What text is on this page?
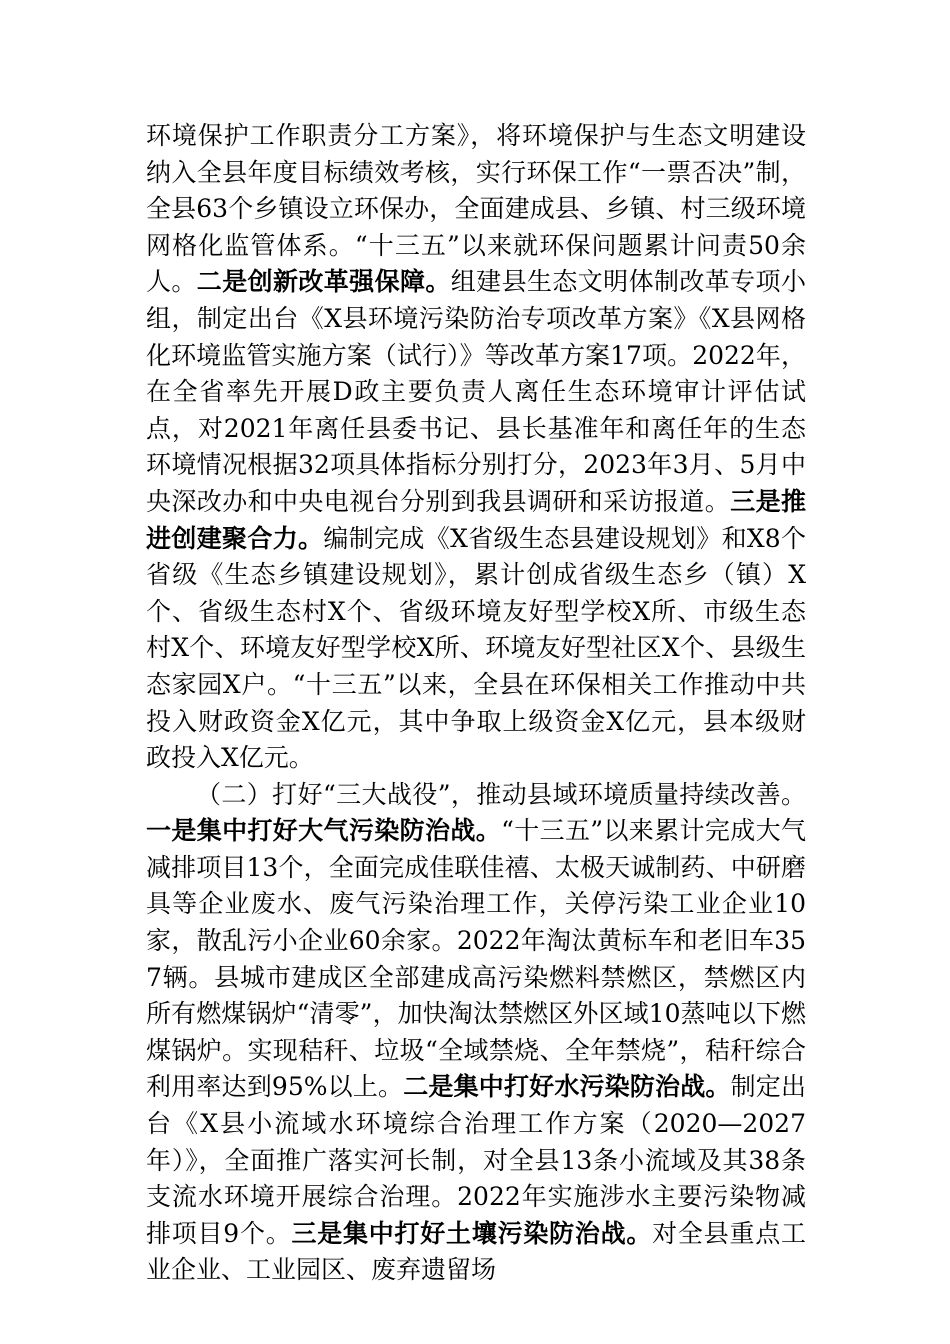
环境保护工作职责分工方案》，将环境保护与生态文明建设纳入全县年度目标绩效考核，实行环保工作“一票否决”制，全县63个乡镇设立环保办，全面建成县、乡镇、村三级环境网格化监管体系。“十三五”以来就环保问题累计问责50余人。二是创新改革强保障。组建县生态文明体制改革专项小组，制定出台《X县环境污染防治专项改革方案》《X县网格化环境监管实施方案（试行）》等改革方案17项。2022年，在全省率先开展D政主要负责人离任生态环境审计评估试点，对2021年离任县委书记、县长基准年和离任年的生态环境情况根据32项具体指标分别打分，2023年3月、5月中央深改办和中央电视台分别到我县调研和采访报道。三是推进创建聚合力。编制完成《X省级生态县建设规划》和X8个省级《生态乡镇建设规划》，累计创成省级生态乡（镇）X个、省级生态村X个、省级环境友好型学校X所、市级生态村X个、环境友好型学校X所、环境友好型社区X个、县级生态家园X户。“十三五”以来，全县在环保相关工作推动中共投入财政资金X亿元，其中争取上级资金X亿元，县本级财政投入X亿元。

（二）打好“三大战役”，推动县域环境质量持续改善。一是集中打好大气污染防治战。“十三五”以来累计完成大气减排项目13个，全面完成佳联佳禧、太极天诚制药、中研磨具等企业废水、废气污染治理工作，关停污染工业企业10家，散乱污小企业60余家。2022年淘汰黄标车和老旧车357辆。县城市建成区全部建成高污染燃料禁燃区，禁燃区内所有燃煤锅炉“清零”，加快淘汰禁燃区外区域10蒸吨以下燃煤锅炉。实现秸秆、垃圾“全域禁烧、全年禁烧”，秸秆综合利用率达到95%以上。二是集中打好水污染防治战。制定出台《X县小流域水环境综合治理工作方案（2020—2027年）》，全面推广落实河长制，对全县13条小流域及其38条支流水环境开展综合治理。2022年实施涉水主要污染物减排项目9个。三是集中打好土壤污染防治战。对全县重点工业企业、工业园区、废弃遗留场
